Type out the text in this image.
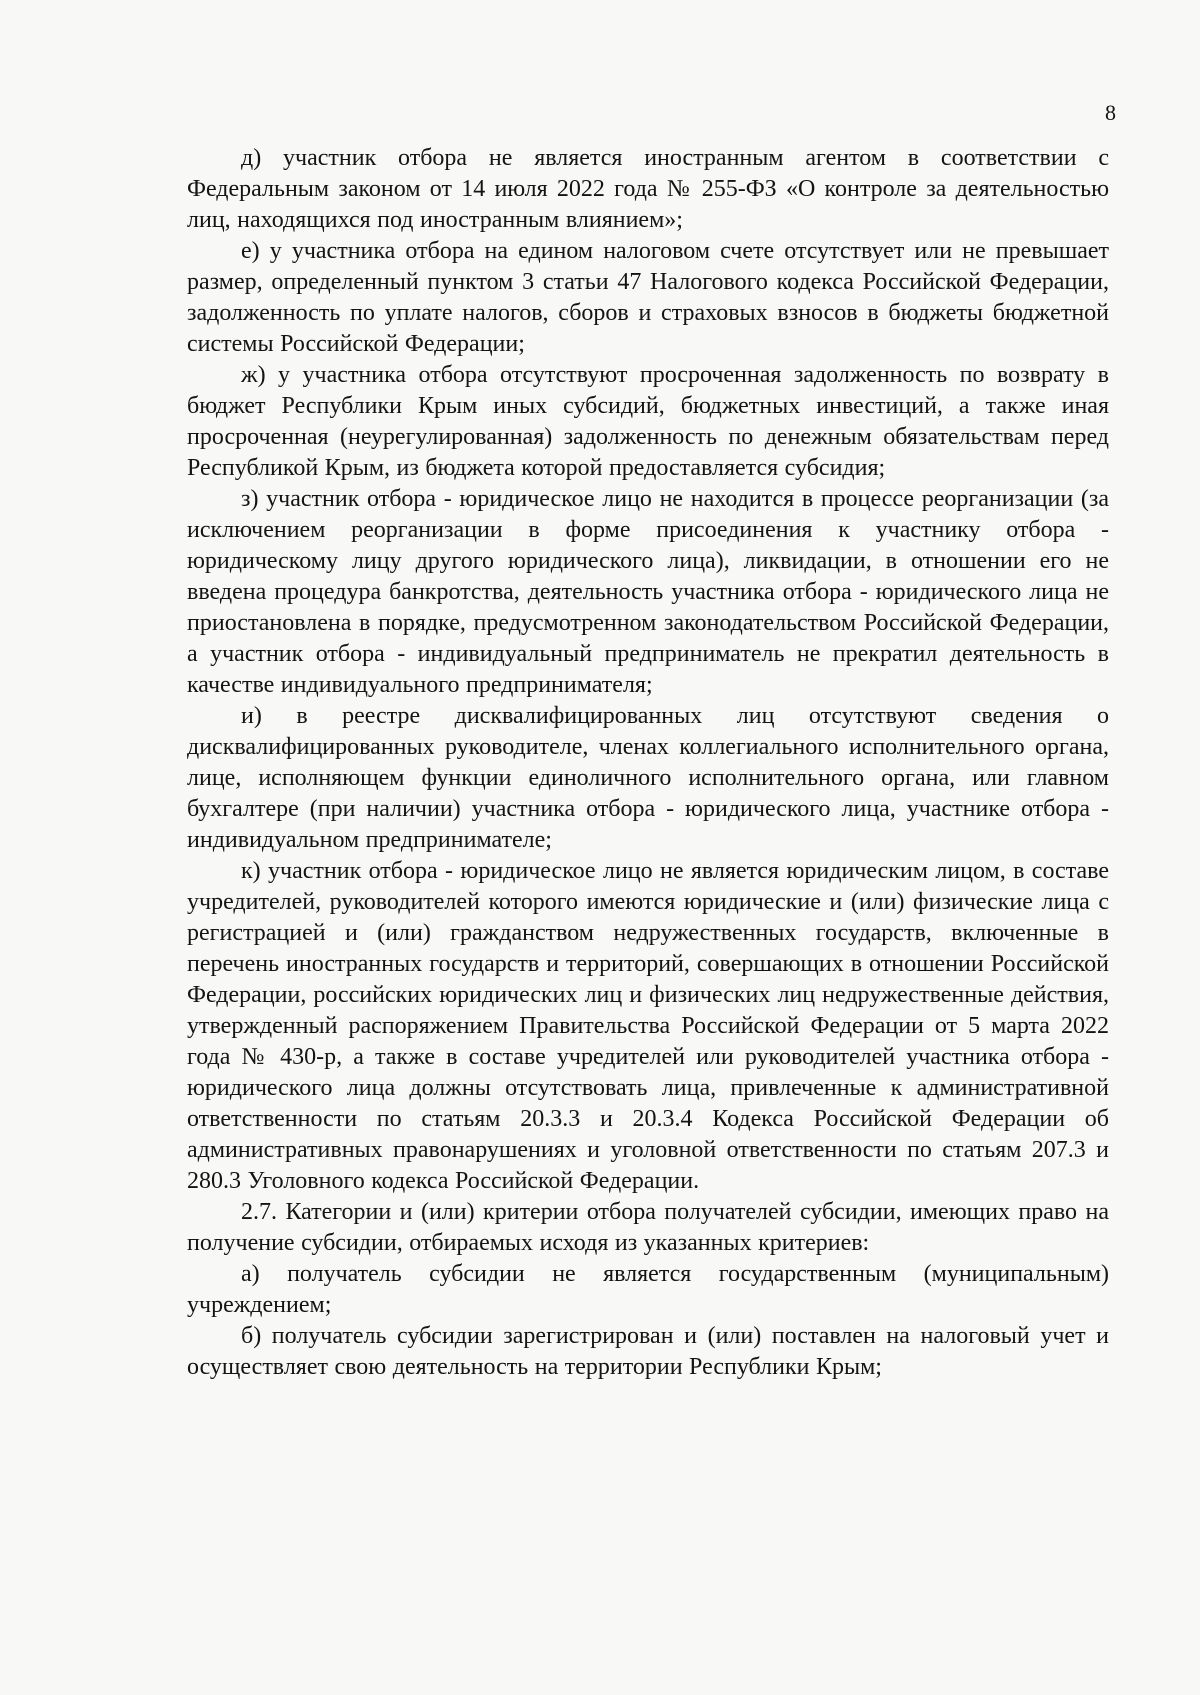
8

д) участник отбора не является иностранным агентом в соответствии с Федеральным законом от 14 июля 2022 года № 255-ФЗ «О контроле за деятельностью лиц, находящихся под иностранным влиянием»;

е) у участника отбора на едином налоговом счете отсутствует или не превышает размер, определенный пунктом 3 статьи 47 Налогового кодекса Российской Федерации, задолженность по уплате налогов, сборов и страховых взносов в бюджеты бюджетной системы Российской Федерации;

ж) у участника отбора отсутствуют просроченная задолженность по возврату в бюджет Республики Крым иных субсидий, бюджетных инвестиций, а также иная просроченная (неурегулированная) задолженность по денежным обязательствам перед Республикой Крым, из бюджета которой предоставляется субсидия;

з) участник отбора - юридическое лицо не находится в процессе реорганизации (за исключением реорганизации в форме присоединения к участнику отбора - юридическому лицу другого юридического лица), ликвидации, в отношении его не введена процедура банкротства, деятельность участника отбора - юридического лица не приостановлена в порядке, предусмотренном законодательством Российской Федерации, а участник отбора - индивидуальный предприниматель не прекратил деятельность в качестве индивидуального предпринимателя;

и) в реестре дисквалифицированных лиц отсутствуют сведения о дисквалифицированных руководителе, членах коллегиального исполнительного органа, лице, исполняющем функции единоличного исполнительного органа, или главном бухгалтере (при наличии) участника отбора - юридического лица, участнике отбора - индивидуальном предпринимателе;

к) участник отбора - юридическое лицо не является юридическим лицом, в составе учредителей, руководителей которого имеются юридические и (или) физические лица с регистрацией и (или) гражданством недружественных государств, включенные в перечень иностранных государств и территорий, совершающих в отношении Российской Федерации, российских юридических лиц и физических лиц недружественные действия, утвержденный распоряжением Правительства Российской Федерации от 5 марта 2022 года № 430-р, а также в составе учредителей или руководителей участника отбора - юридического лица должны отсутствовать лица, привлеченные к административной ответственности по статьям 20.3.3 и 20.3.4 Кодекса Российской Федерации об административных правонарушениях и уголовной ответственности по статьям 207.3 и 280.3 Уголовного кодекса Российской Федерации.

2.7. Категории и (или) критерии отбора получателей субсидии, имеющих право на получение субсидии, отбираемых исходя из указанных критериев:

а) получатель субсидии не является государственным (муниципальным) учреждением;

б) получатель субсидии зарегистрирован и (или) поставлен на налоговый учет и осуществляет свою деятельность на территории Республики Крым;
